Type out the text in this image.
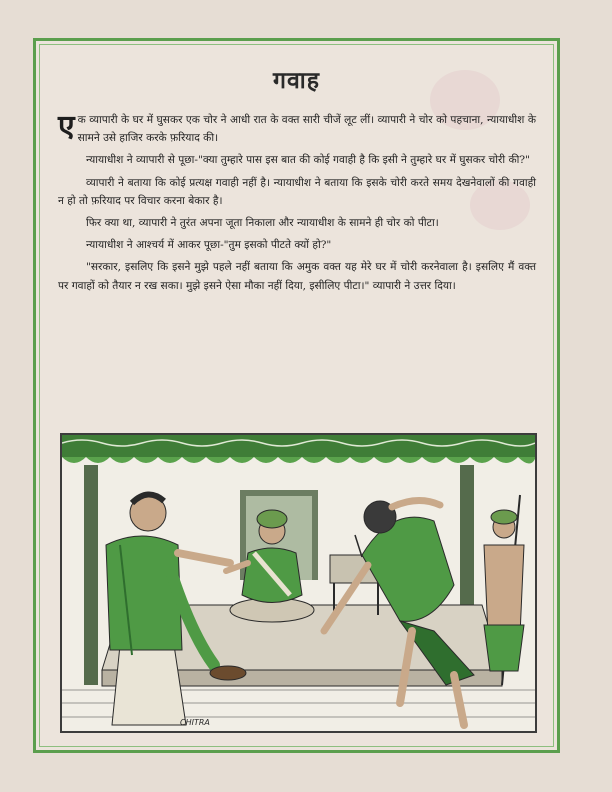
गवाह

एक व्यापारी के घर में घुसकर एक चोर ने आधी रात के वक्त सारी चीजें लूट लीं। व्यापारी ने चोर को पहचाना, न्यायाधीश के सामने उसे हाजिर करके फ़रियाद की।

न्यायाधीश ने व्यापारी से पूछा-"क्या तुम्हारे पास इस बात की कोई गवाही है कि इसी ने तुम्हारे घर में घुसकर चोरी की?"

व्यापारी ने बताया कि कोई प्रत्यक्ष गवाही नहीं है। न्यायाधीश ने बताया कि इसके चोरी करते समय देखनेवालों की गवाही न हो तो फ़रियाद पर विचार करना बेकार है।

फिर क्या था, व्यापारी ने तुरंत अपना जूता निकाला और न्यायाधीश के सामने ही चोर को पीटा।

न्यायाधीश ने आश्चर्य में आकर पूछा-"तुम इसको पीटते क्यों हो?"

"सरकार, इसलिए कि इसने मुझे पहले नहीं बताया कि अमुक वक्त यह मेरे घर में चोरी करनेवाला है। इसलिए मैं वक्त पर गवाहों को तैयार न रख सका। मुझे इसने ऐसा मौका नहीं दिया, इसीलिए पीटा।" व्यापारी ने उत्तर दिया।

CHITRA
